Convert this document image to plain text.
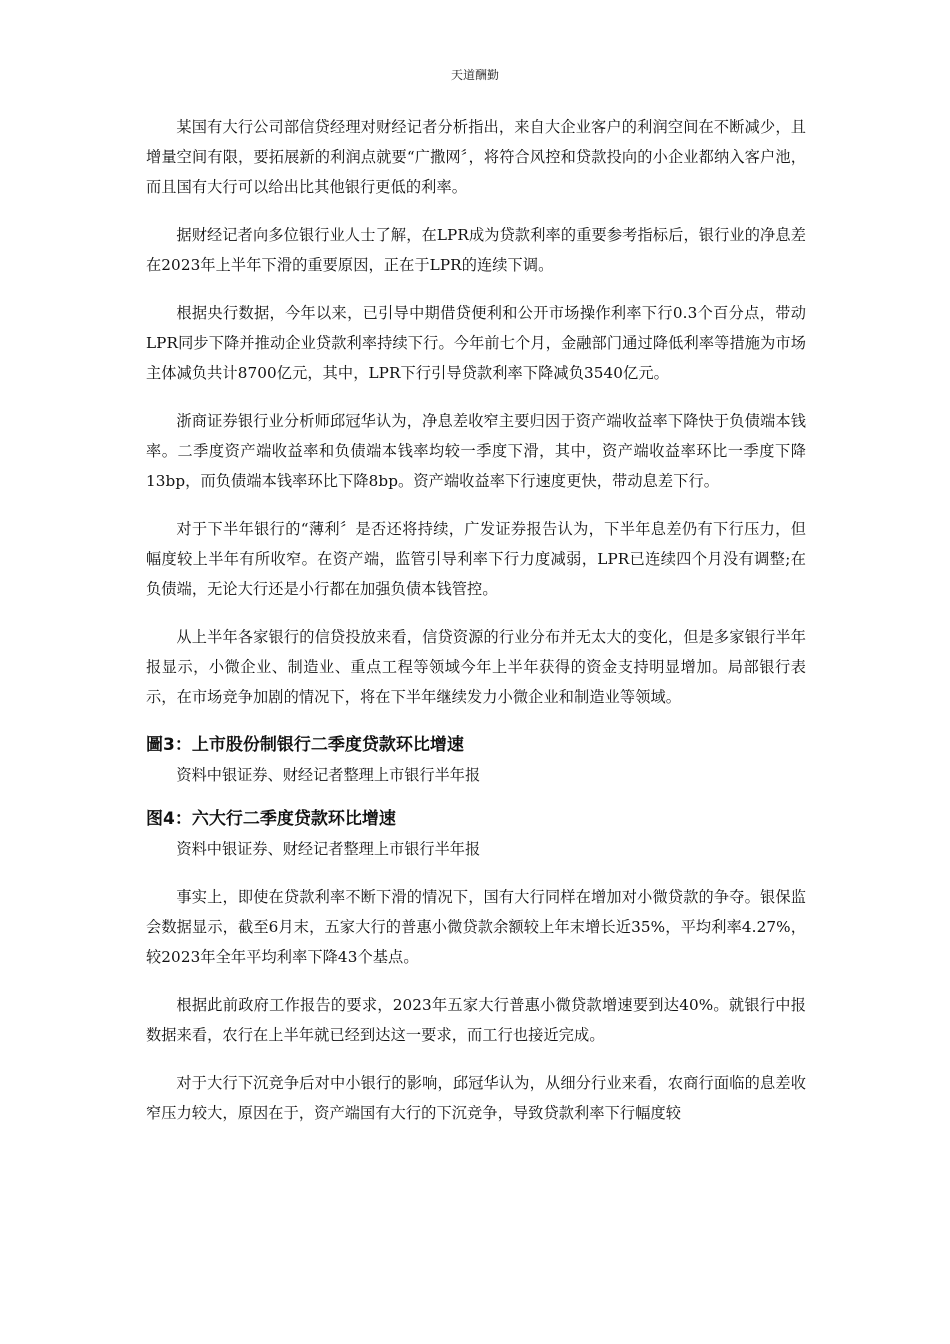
天道酬勤

某国有大行公司部信贷经理对财经记者分析指出，来自大企业客户的利润空间在不断减少，且增量空间有限，要拓展新的利润点就要“广撒网〞，将符合风控和贷款投向的小企业都纳入客户池，而且国有大行可以给出比其他银行更低的利率。

据财经记者向多位银行业人士了解，在LPR成为贷款利率的重要参考指标后，银行业的净息差在2023年上半年下滑的重要原因，正在于LPR的连续下调。

根据央行数据，今年以来，已引导中期借贷便利和公开市场操作利率下行0.3个百分点，带动LPR同步下降并推动企业贷款利率持续下行。今年前七个月，金融部门通过降低利率等措施为市场主体减负共计8700亿元，其中，LPR下行引导贷款利率下降减负3540亿元。

浙商证券银行业分析师邱冠华认为，净息差收窄主要归因于资产端收益率下降快于负债端本钱率。二季度资产端收益率和负债端本钱率均较一季度下滑，其中，资产端收益率环比一季度下降13bp，而负债端本钱率环比下降8bp。资产端收益率下行速度更快，带动息差下行。

对于下半年银行的“薄利〞是否还将持续，广发证券报告认为，下半年息差仍有下行压力，但幅度较上半年有所收窄。在资产端，监管引导利率下行力度减弱，LPR已连续四个月没有调整;在负债端，无论大行还是小行都在加强负债本钱管控。

从上半年各家银行的信贷投放来看，信贷资源的行业分布并无太大的变化，但是多家银行半年报显示，小微企业、制造业、重点工程等领域今年上半年获得的资金支持明显增加。局部银行表示，在市场竞争加剧的情况下，将在下半年继续发力小微企业和制造业等领域。

圖3：上市股份制银行二季度贷款环比增速

资料中银证券、财经记者整理上市银行半年报

图4：六大行二季度贷款环比增速

资料中银证券、财经记者整理上市银行半年报

事实上，即使在贷款利率不断下滑的情况下，国有大行同样在增加对小微贷款的争夺。银保监会数据显示，截至6月末，五家大行的普惠小微贷款余额较上年末增长近35%，平均利率4.27%，较2023年全年平均利率下降43个基点。

根据此前政府工作报告的要求，2023年五家大行普惠小微贷款增速要到达40%。就银行中报数据来看，农行在上半年就已经到达这一要求，而工行也接近完成。

对于大行下沉竞争后对中小银行的影响，邱冠华认为，从细分行业来看，农商行面临的息差收窄压力较大，原因在于，资产端国有大行的下沉竞争，导致贷款利率下行幅度较
